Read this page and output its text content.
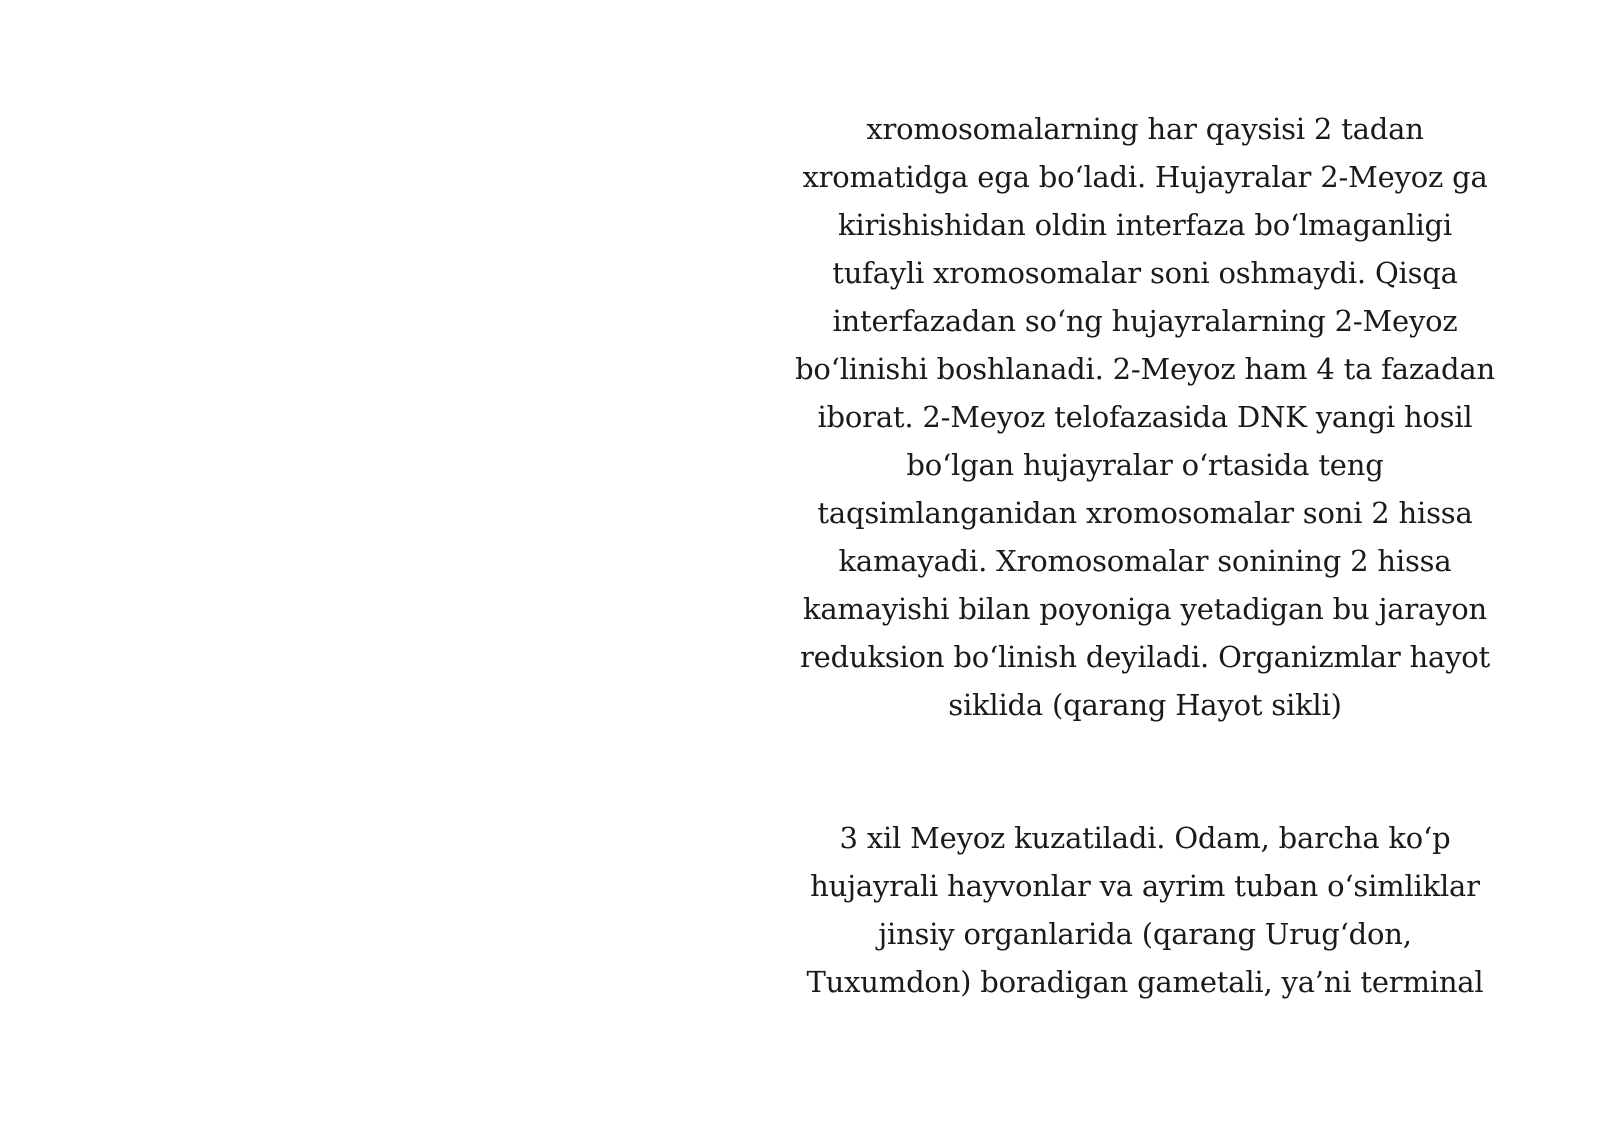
xromosomalarning har qaysisi 2 tadan
xromatidga ega bo‘ladi. Hujayralar 2-Meyoz ga
kirishishidan oldin interfaza bo‘lmaganligi
tufayli xromosomalar soni oshmaydi. Qisqa
interfazadan so‘ng hujayralarning 2-Meyoz
bo‘linishi boshlanadi. 2-Meyoz ham 4 ta fazadan
iborat. 2-Meyoz telofazasida DNK yangi hosil
bo‘lgan hujayralar o‘rtasida teng
taqsimlanganidan xromosomalar soni 2 hissa
kamayadi. Xromosomalar sonining 2 hissa
kamayishi bilan poyoniga yetadigan bu jarayon
reduksion bo‘linish deyiladi. Organizmlar hayot
siklida (qarang Hayot sikli)
3 xil Meyoz kuzatiladi. Odam, barcha ko‘p
hujayrali hayvonlar va ayrim tuban o‘simliklar
jinsiy organlarida (qarang Urug‘don,
Tuxumdon) boradigan gametali, ya’ni terminal
